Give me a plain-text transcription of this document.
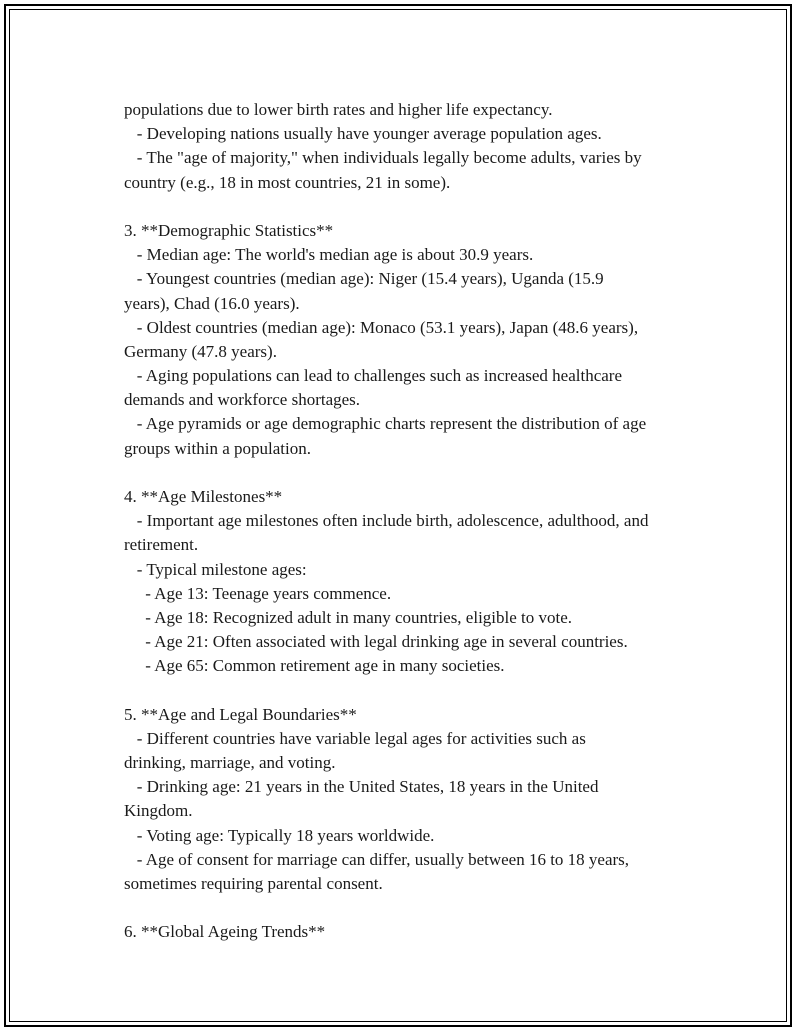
populations due to lower birth rates and higher life expectancy.
- Developing nations usually have younger average population ages.
- The "age of majority," when individuals legally become adults, varies by
country (e.g., 18 in most countries, 21 in some).
3. **Demographic Statistics**
- Median age: The world's median age is about 30.9 years.
- Youngest countries (median age): Niger (15.4 years), Uganda (15.9
years), Chad (16.0 years).
- Oldest countries (median age): Monaco (53.1 years), Japan (48.6 years),
Germany (47.8 years).
- Aging populations can lead to challenges such as increased healthcare
demands and workforce shortages.
- Age pyramids or age demographic charts represent the distribution of age
groups within a population.
4. **Age Milestones**
- Important age milestones often include birth, adolescence, adulthood, and
retirement.
- Typical milestone ages:
- Age 13: Teenage years commence.
- Age 18: Recognized adult in many countries, eligible to vote.
- Age 21: Often associated with legal drinking age in several countries.
- Age 65: Common retirement age in many societies.
5. **Age and Legal Boundaries**
- Different countries have variable legal ages for activities such as
drinking, marriage, and voting.
- Drinking age: 21 years in the United States, 18 years in the United
Kingdom.
- Voting age: Typically 18 years worldwide.
- Age of consent for marriage can differ, usually between 16 to 18 years,
sometimes requiring parental consent.
6. **Global Ageing Trends**
